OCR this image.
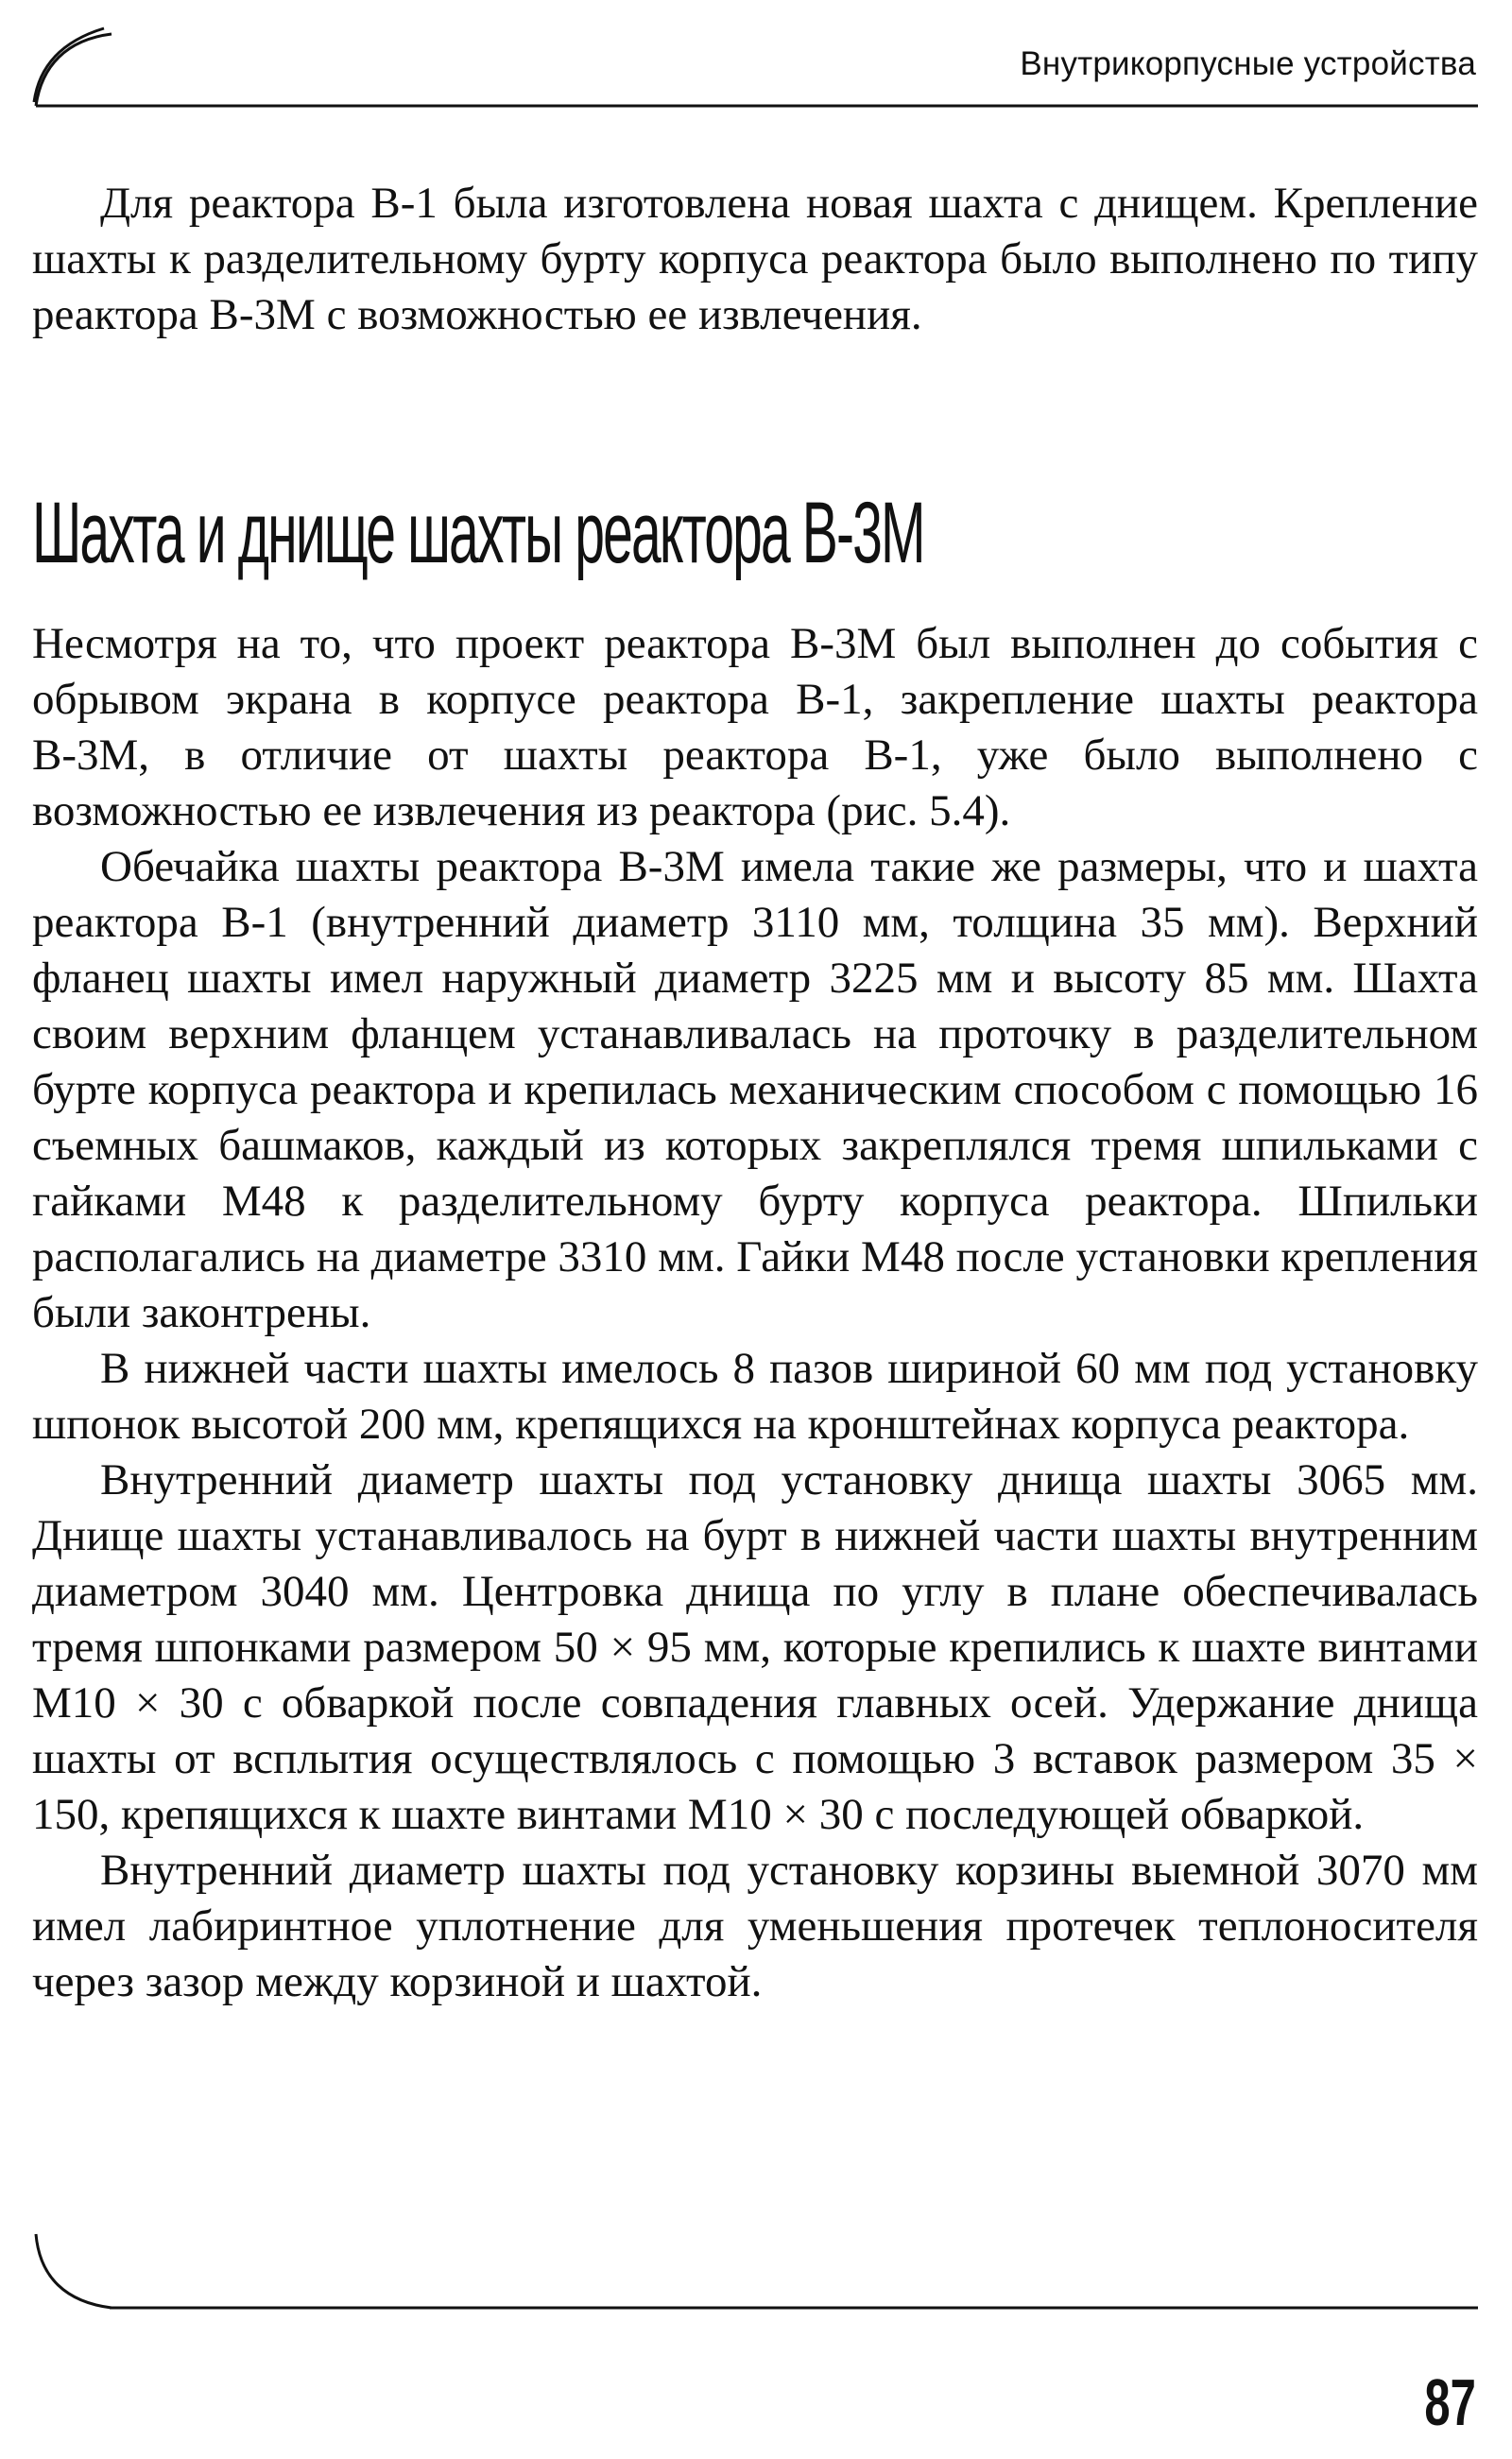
Внутрикорпусные устройства

Для реактора В-1 была изготовлена новая шахта с днищем. Крепление шахты к разделительному бурту корпуса реактора было выполнено по типу реактора В-3М с возможностью ее извлечения.

Шахта и днище шахты реактора В-3М

Несмотря на то, что проект реактора В-3М был выполнен до события с обрывом экрана в корпусе реактора В-1, закрепление шахты реактора В-3М, в отличие от шахты реактора В-1, уже было выполнено с возможностью ее извлечения из реактора (рис. 5.4).

Обечайка шахты реактора В-3М имела такие же размеры, что и шахта реактора В-1 (внутренний диаметр 3110 мм, толщина 35 мм). Верхний фланец шахты имел наружный диаметр 3225 мм и высоту 85 мм. Шахта своим верхним фланцем устанавливалась на проточку в разделительном бурте корпуса реактора и крепилась механическим способом с помощью 16 съемных башмаков, каждый из которых закреплялся тремя шпильками с гайками М48 к разделительному бурту корпуса реактора. Шпильки располагались на диаметре 3310 мм. Гайки М48 после установки крепления были законтрены.

В нижней части шахты имелось 8 пазов шириной 60 мм под установку шпонок высотой 200 мм, крепящихся на кронштейнах корпуса реактора.

Внутренний диаметр шахты под установку днища шахты 3065 мм. Днище шахты устанавливалось на бурт в нижней части шахты внутренним диаметром 3040 мм. Центровка днища по углу в плане обеспечивалась тремя шпонками размером 50 × 95 мм, которые крепились к шахте винтами М10 × 30 с обваркой после совпадения главных осей. Удержание днища шахты от всплытия осуществлялось с помощью 3 вставок размером 35 × 150, крепящихся к шахте винтами М10 × 30 с последующей обваркой.

Внутренний диаметр шахты под установку корзины выемной 3070 мм имел лабиринтное уплотнение для уменьшения протечек теплоносителя через зазор между корзиной и шахтой.

87
